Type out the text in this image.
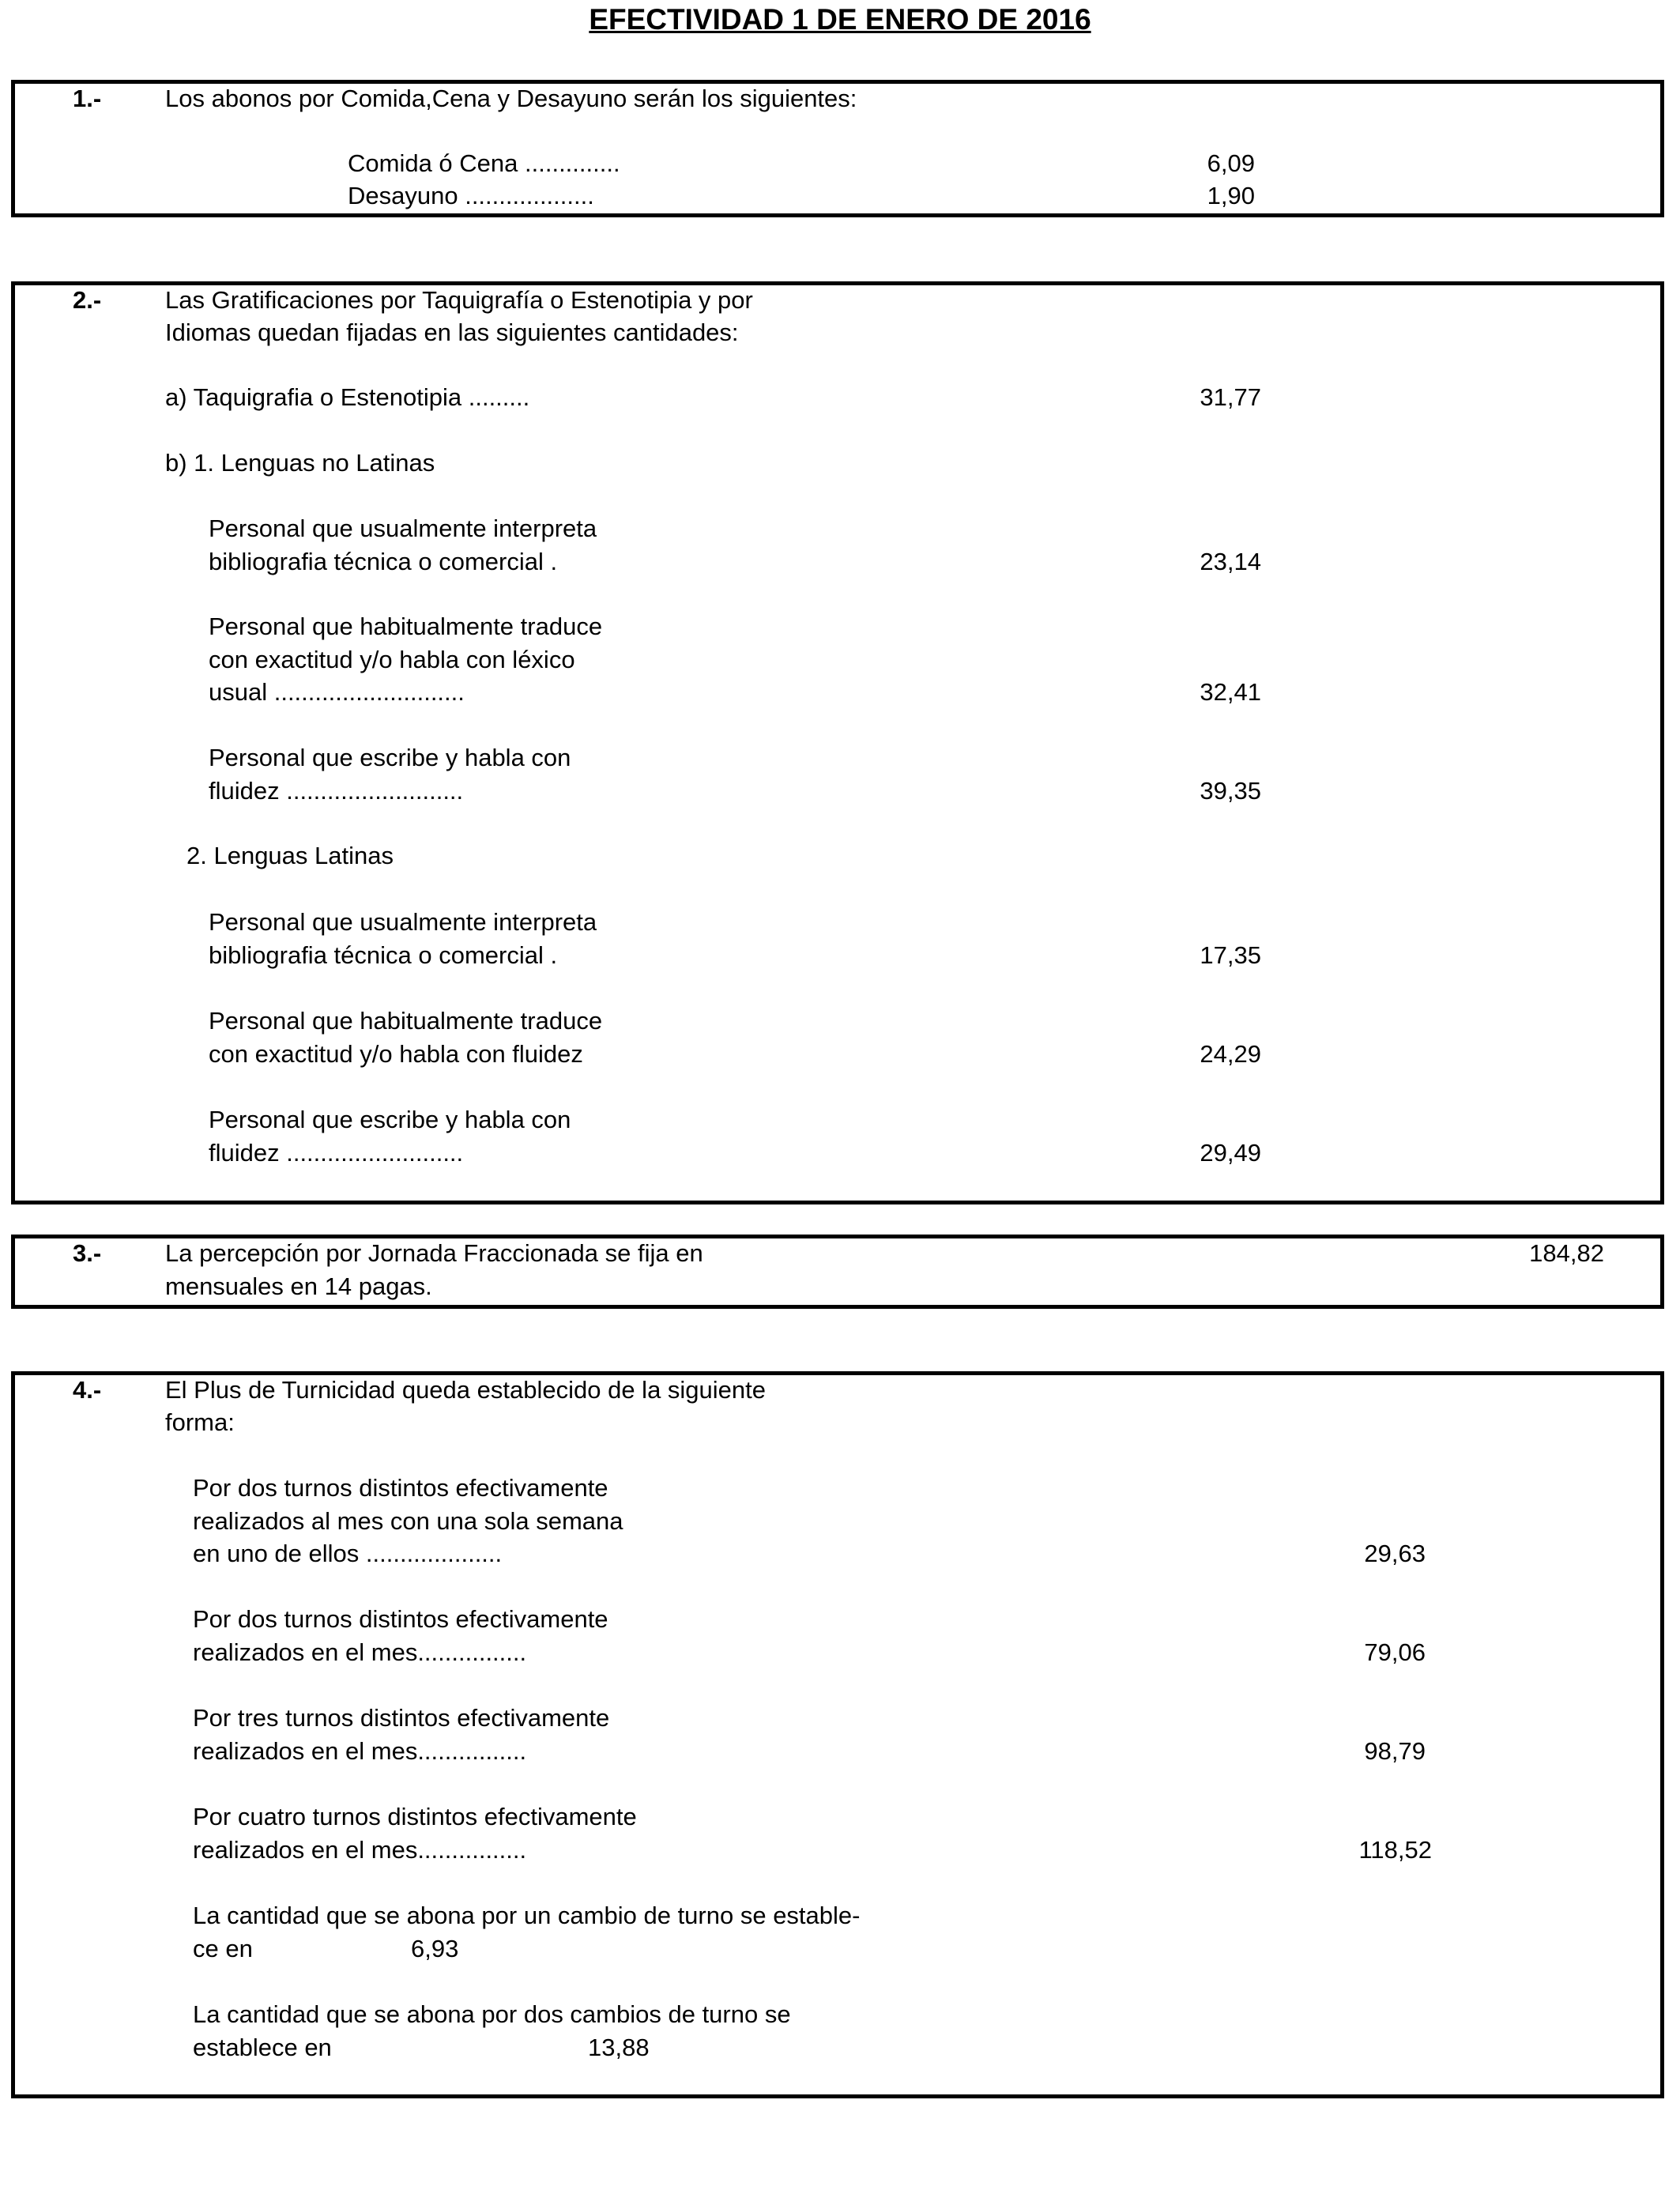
EFECTIVIDAD 1 DE ENERO DE 2016
1.-	Los abonos por Comida,Cena y Desayuno serán los siguientes:
Comida ó Cena ..............	6,09
Desayuno ...................	1,90
2.-	Las Gratificaciones por Taquigrafía o Estenotipia y por
Idiomas quedan fijadas en las siguientes cantidades:
a) Taquigrafia o Estenotipia .........	31,77
b) 1. Lenguas no Latinas
Personal que usualmente interpreta
bibliografia técnica o comercial .	23,14
Personal que habitualmente traduce
con exactitud y/o habla con léxico
usual ............................	32,41
Personal que escribe y habla con
fluidez ..........................	39,35
2. Lenguas Latinas
Personal que usualmente interpreta
bibliografia técnica o comercial .	17,35
Personal que habitualmente traduce
con exactitud y/o habla con fluidez	24,29
Personal que escribe y habla con
fluidez ..........................	29,49
3.-	La percepción por Jornada Fraccionada se fija en
mensuales en 14 pagas.
184,82
4.-	El Plus de Turnicidad queda establecido de la siguiente
forma:
Por dos turnos distintos efectivamente
realizados al mes con una sola semana
en uno de ellos ....................	29,63
Por dos turnos distintos efectivamente
realizados en el mes................	79,06
Por tres turnos distintos efectivamente
realizados en el mes................	98,79
Por cuatro turnos distintos efectivamente
realizados en el mes................	118,52
La cantidad que se abona por un cambio de turno se estable-
ce en	6,93
La cantidad que se abona por dos cambios de turno se
establece en	13,88
